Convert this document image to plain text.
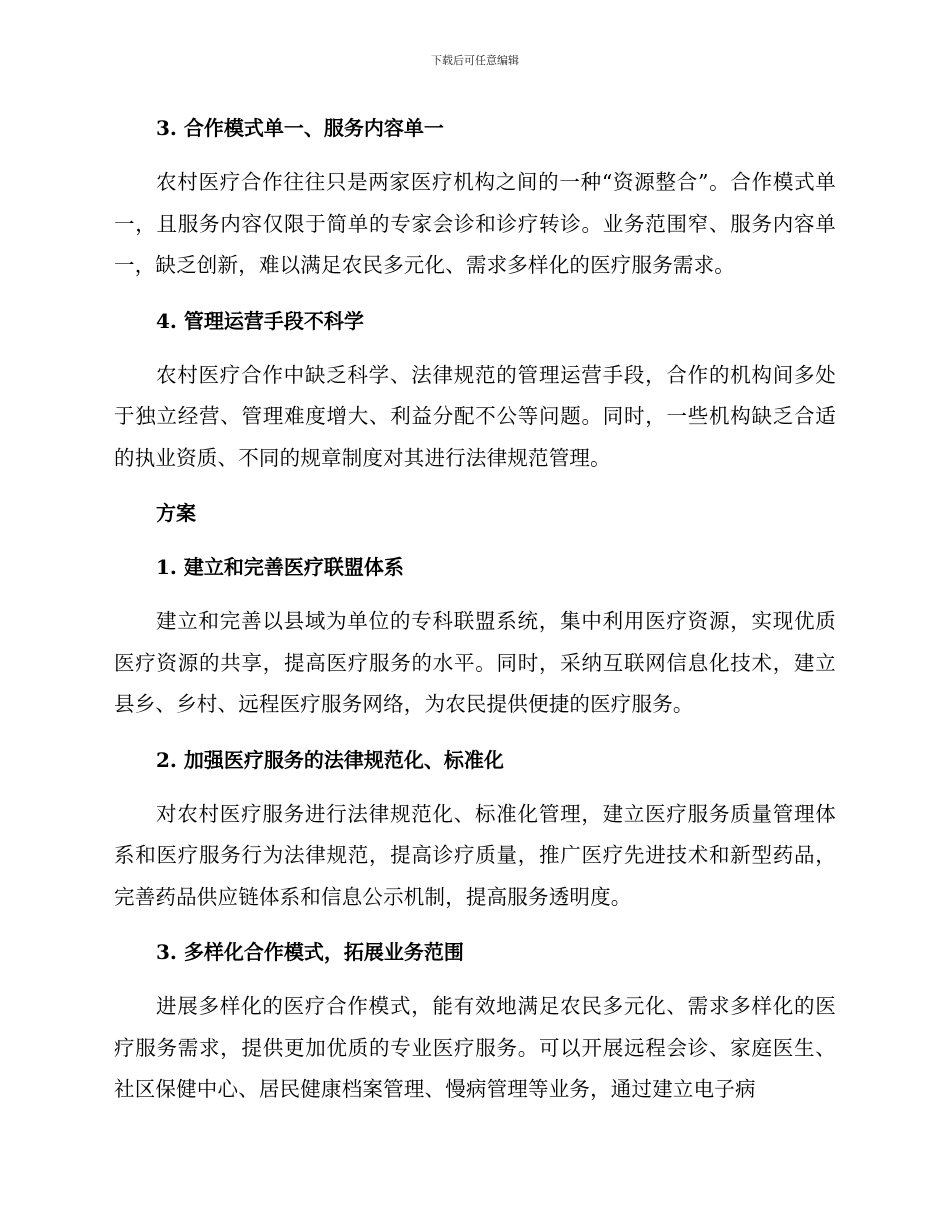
下载后可任意编辑

3. 合作模式单一、服务内容单一

农村医疗合作往往只是两家医疗机构之间的一种“资源整合”。合作模式单一，且服务内容仅限于简单的专家会诊和诊疗转诊。业务范围窄、服务内容单一，缺乏创新，难以满足农民多元化、需求多样化的医疗服务需求。

4. 管理运营手段不科学

农村医疗合作中缺乏科学、法律规范的管理运营手段，合作的机构间多处于独立经营、管理难度增大、利益分配不公等问题。同时，一些机构缺乏合适的执业资质、不同的规章制度对其进行法律规范管理。

方案

1. 建立和完善医疗联盟体系

建立和完善以县域为单位的专科联盟系统，集中利用医疗资源，实现优质医疗资源的共享，提高医疗服务的水平。同时，采纳互联网信息化技术，建立县乡、乡村、远程医疗服务网络，为农民提供便捷的医疗服务。

2. 加强医疗服务的法律规范化、标准化

对农村医疗服务进行法律规范化、标准化管理，建立医疗服务质量管理体系和医疗服务行为法律规范，提高诊疗质量，推广医疗先进技术和新型药品，完善药品供应链体系和信息公示机制，提高服务透明度。

3. 多样化合作模式，拓展业务范围

进展多样化的医疗合作模式，能有效地满足农民多元化、需求多样化的医疗服务需求，提供更加优质的专业医疗服务。可以开展远程会诊、家庭医生、社区保健中心、居民健康档案管理、慢病管理等业务，通过建立电子病
